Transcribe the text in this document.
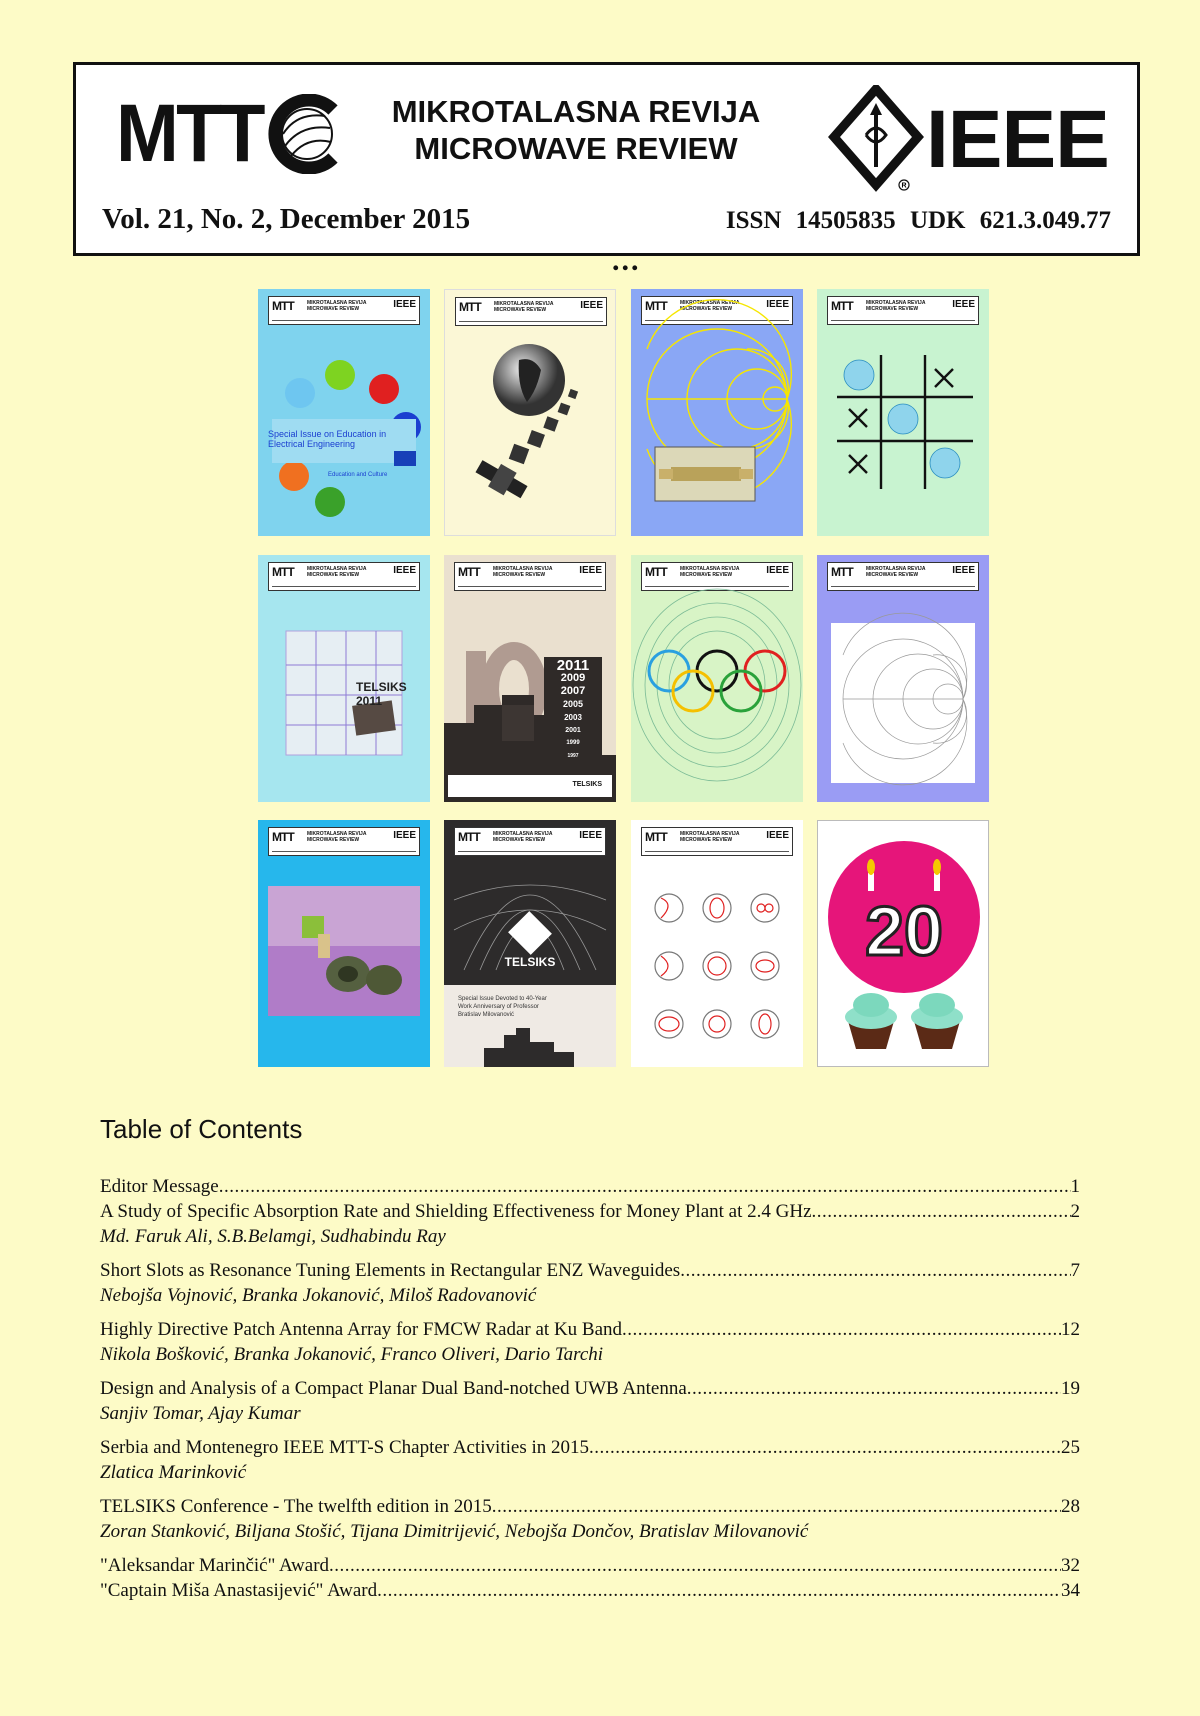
MTT	MIKROTALASNA REVIJA
MICROWAVE REVIEW
R
IEEE
Vol. 21, No. 2, December 2015	ISSN 14505835 UDK 621.3.049.77
...
MTT	MIKROTALASNA REVIJA
MICROWAVE REVIEW	IEEE
Special Issue on Education in Electrical Engineering
Education and Culture
MTT	MIKROTALASNA REVIJA
MICROWAVE REVIEW	IEEE	MTT	MIKROTALASNA REVIJA
MICROWAVE REVIEW	IEEE	MTT	MIKROTALASNA REVIJA
MICROWAVE REVIEW	IEEE
MTT	MIKROTALASNA REVIJA
MICROWAVE REVIEW	IEEE
TELSIKS 2011
MTT	MIKROTALASNA REVIJA
MICROWAVE REVIEW	IEEE
2011
2009
2007
2005
2003
2001
1999
1997
TELSIKS
MTT	MIKROTALASNA REVIJA
MICROWAVE REVIEW	IEEE	MTT	MIKROTALASNA REVIJA
MICROWAVE REVIEW	IEEE
MTT	MIKROTALASNA REVIJA
MICROWAVE REVIEW	IEEE	MTT	MIKROTALASNA REVIJA
MICROWAVE REVIEW	IEEE
TELSIKS
Special Issue Devoted to 40-Year Work Anniversary of Professor Bratislav Milovanović
MTT	MIKROTALASNA REVIJA
MICROWAVE REVIEW	IEEE
20
Table of Contents
Editor Message .....	1
A Study of Specific Absorption Rate and Shielding Effectiveness for Money Plant at 2.4 GHz .....	2
Md. Faruk Ali, S.B.Belamgi, Sudhabindu Ray
Short Slots as Resonance Tuning Elements in Rectangular ENZ Waveguides .....	7
Nebojša Vojnović, Branka Jokanović, Miloš Radovanović
Highly Directive Patch Antenna Array for FMCW Radar at Ku Band .....	12
Nikola Bošković, Branka Jokanović, Franco Oliveri, Dario Tarchi
Design and Analysis of a Compact Planar Dual Band-notched UWB Antenna .....	19
Sanjiv Tomar, Ajay Kumar
Serbia and Montenegro IEEE MTT-S Chapter Activities in 2015 .....	25
Zlatica Marinković
TELSIKS Conference - The twelfth edition in 2015 .....	28
Zoran Stanković, Biljana Stošić, Tijana Dimitrijević, Nebojša Dončov, Bratislav Milovanović
"Aleksandar Marinčić" Award .....	32
"Captain Miša Anastasijević" Award .....	34
